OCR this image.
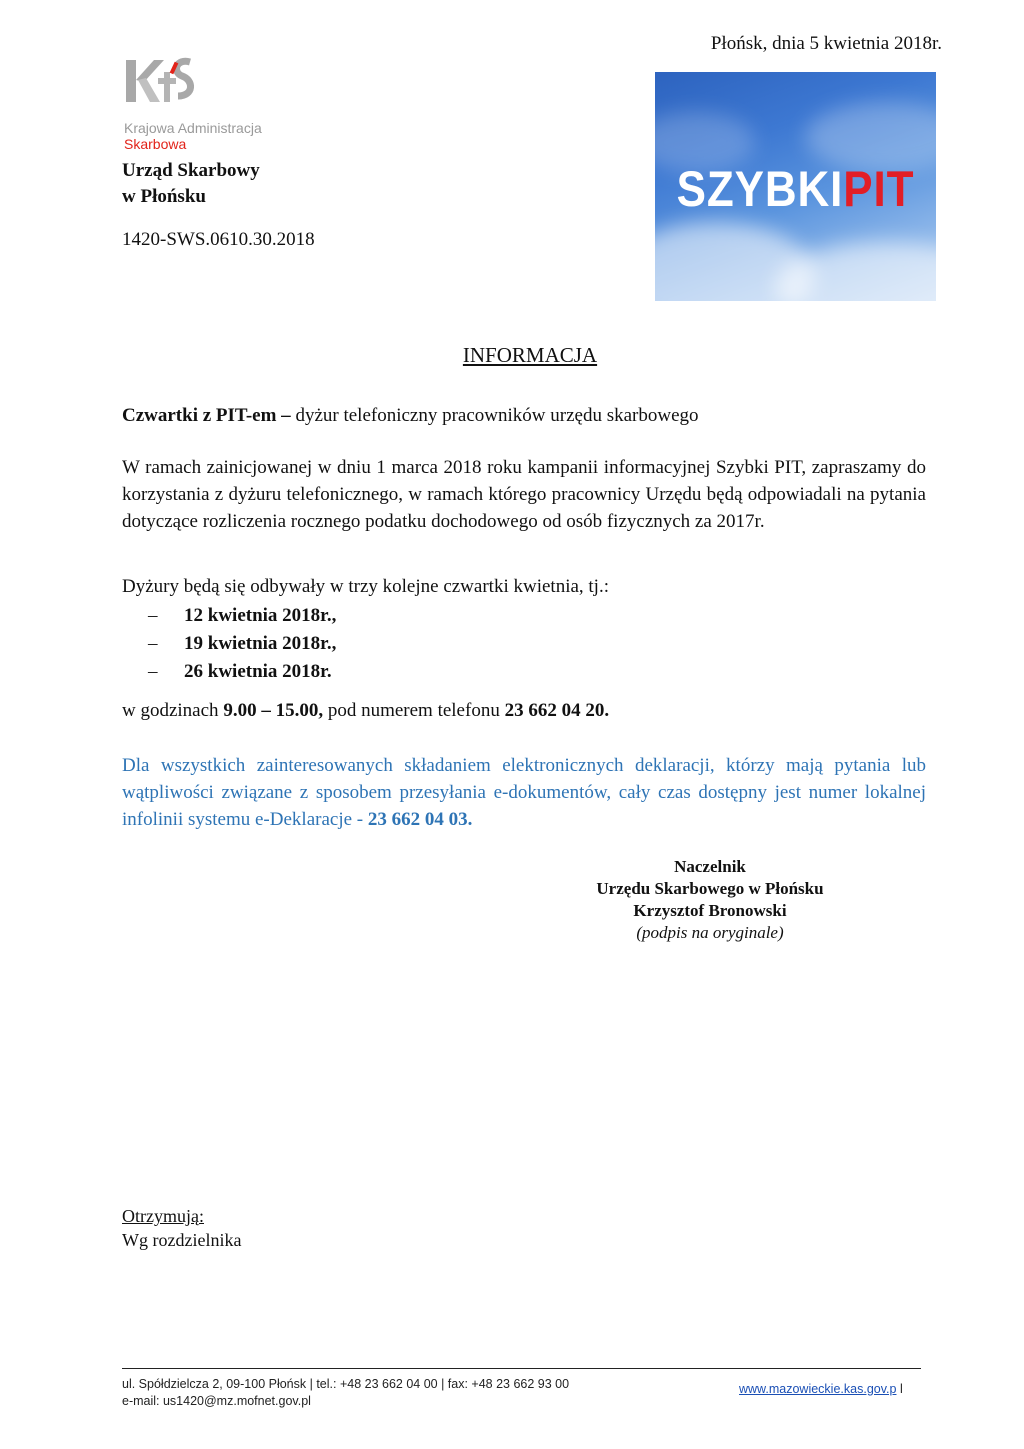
Płońsk, dnia 5 kwietnia 2018r.
Krajowa Administracja
Skarbowa
Urząd Skarbowy
w Płońsku
1420-SWS.0610.30.2018
SZYBKIPIT
INFORMACJA
Czwartki z PIT-em – dyżur telefoniczny pracowników urzędu skarbowego
W ramach zainicjowanej w dniu 1 marca 2018 roku kampanii informacyjnej Szybki PIT, zapraszamy do korzystania z dyżuru telefonicznego, w ramach którego pracownicy Urzędu będą odpowiadali na pytania dotyczące rozliczenia rocznego podatku dochodowego od osób fizycznych za 2017r.
Dyżury będą się odbywały w trzy kolejne czwartki kwietnia, tj.:
– 12 kwietnia 2018r.,
– 19 kwietnia 2018r.,
– 26 kwietnia 2018r.
w godzinach 9.00 – 15.00, pod numerem telefonu 23 662 04 20.
Dla wszystkich zainteresowanych składaniem elektronicznych deklaracji, którzy mają pytania lub wątpliwości związane z sposobem przesyłania e-dokumentów, cały czas dostępny jest numer lokalnej infolinii systemu e-Deklaracje - 23 662 04 03.
Naczelnik
Urzędu Skarbowego w Płońsku
Krzysztof Bronowski
(podpis na oryginale)
Otrzymują:
Wg rozdzielnika
ul. Spółdzielcza 2, 09-100 Płońsk | tel.: +48 23 662 04 00 | fax: +48 23 662 93 00
e-mail: us1420@mz.mofnet.gov.pl
www.mazowieckie.kas.gov.p l
